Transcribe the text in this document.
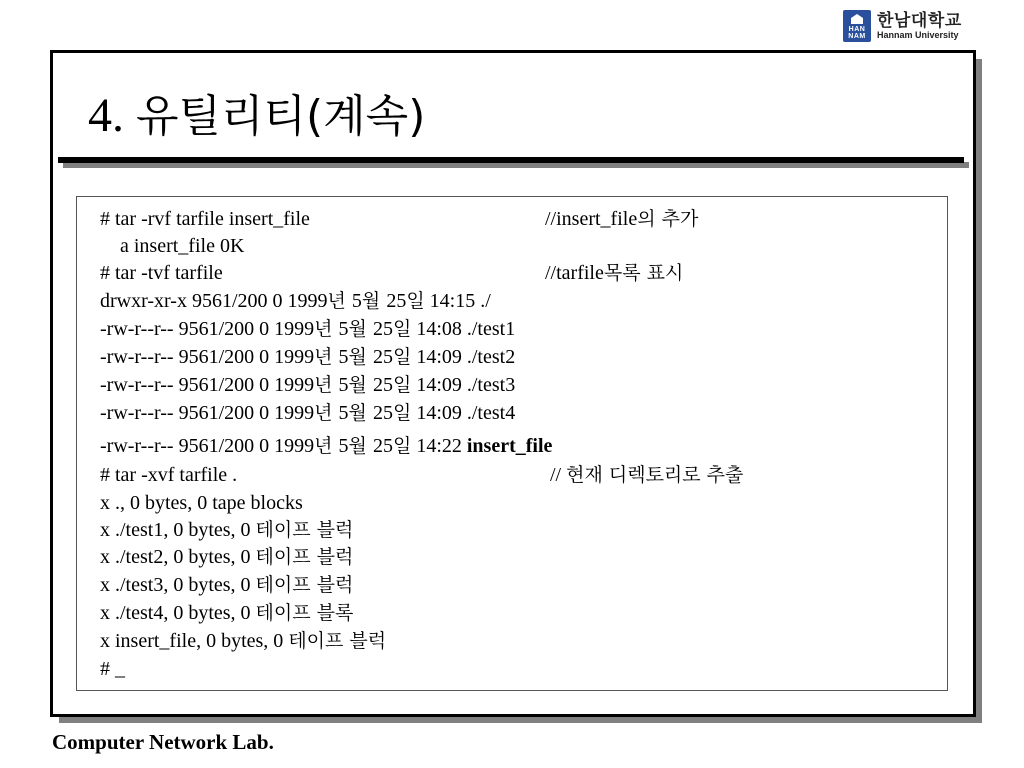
HAN NAM
한남대학교
Hannam University
4. 유틸리티(계속)
# tar -rvf tarfile insert_file	//insert_file의 추가
a insert_file 0K
# tar -tvf tarfile	//tarfile목록 표시
drwxr-xr-x 9561/200 0 1999년 5월 25일 14:15 ./
-rw-r--r-- 9561/200 0 1999년 5월 25일 14:08 ./test1
-rw-r--r-- 9561/200 0 1999년 5월 25일 14:09 ./test2
-rw-r--r-- 9561/200 0 1999년 5월 25일 14:09 ./test3
-rw-r--r-- 9561/200 0 1999년 5월 25일 14:09 ./test4
-rw-r--r-- 9561/200 0 1999년 5월 25일 14:22 insert_file
# tar -xvf tarfile .	// 현재 디렉토리로 추출
x ., 0 bytes, 0 tape blocks
x ./test1, 0 bytes, 0 테이프 블럭
x ./test2, 0 bytes, 0 테이프 블럭
x ./test3, 0 bytes, 0 테이프 블럭
x ./test4, 0 bytes, 0 테이프 블록
x insert_file, 0 bytes, 0 테이프 블럭
# _
Computer Network Lab.
